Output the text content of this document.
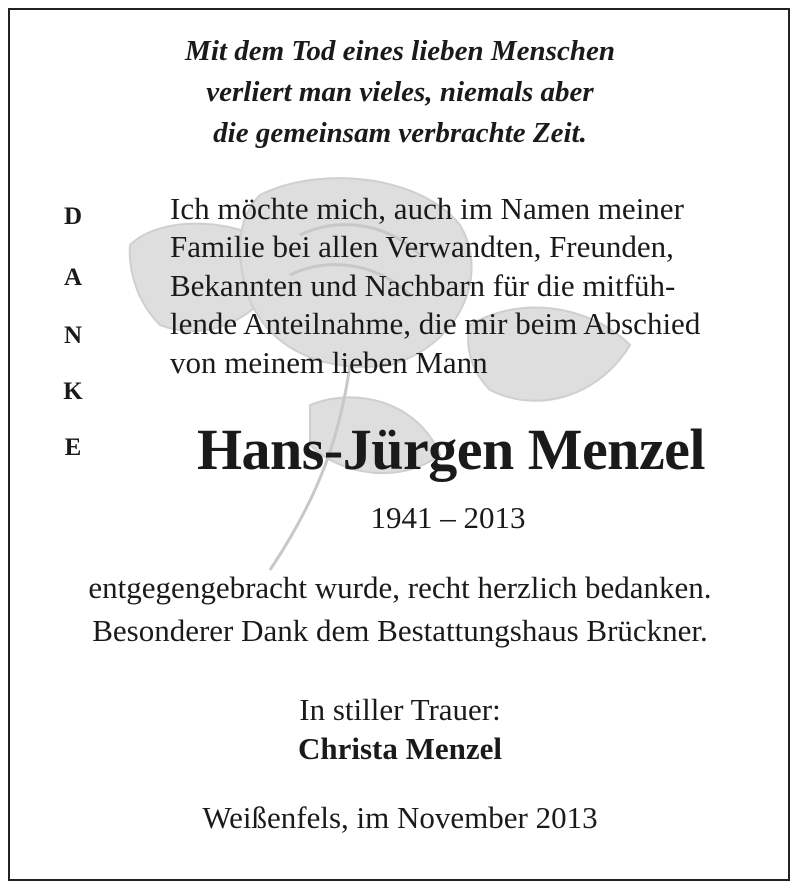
Mit dem Tod eines lieben Menschen
verliert man vieles, niemals aber
die gemeinsam verbrachte Zeit.
D
A
N
K
E
Ich möchte mich, auch im Namen meiner
Familie bei allen Verwandten, Freunden,
Bekannten und Nachbarn für die mitfüh-
lende Anteilnahme, die mir beim Abschied
von meinem lieben Mann
Hans-Jürgen Menzel
1941 – 2013
entgegengebracht wurde, recht herzlich bedanken.
Besonderer Dank dem Bestattungshaus Brückner.
In stiller Trauer:
Christa Menzel
Weißenfels, im November 2013
